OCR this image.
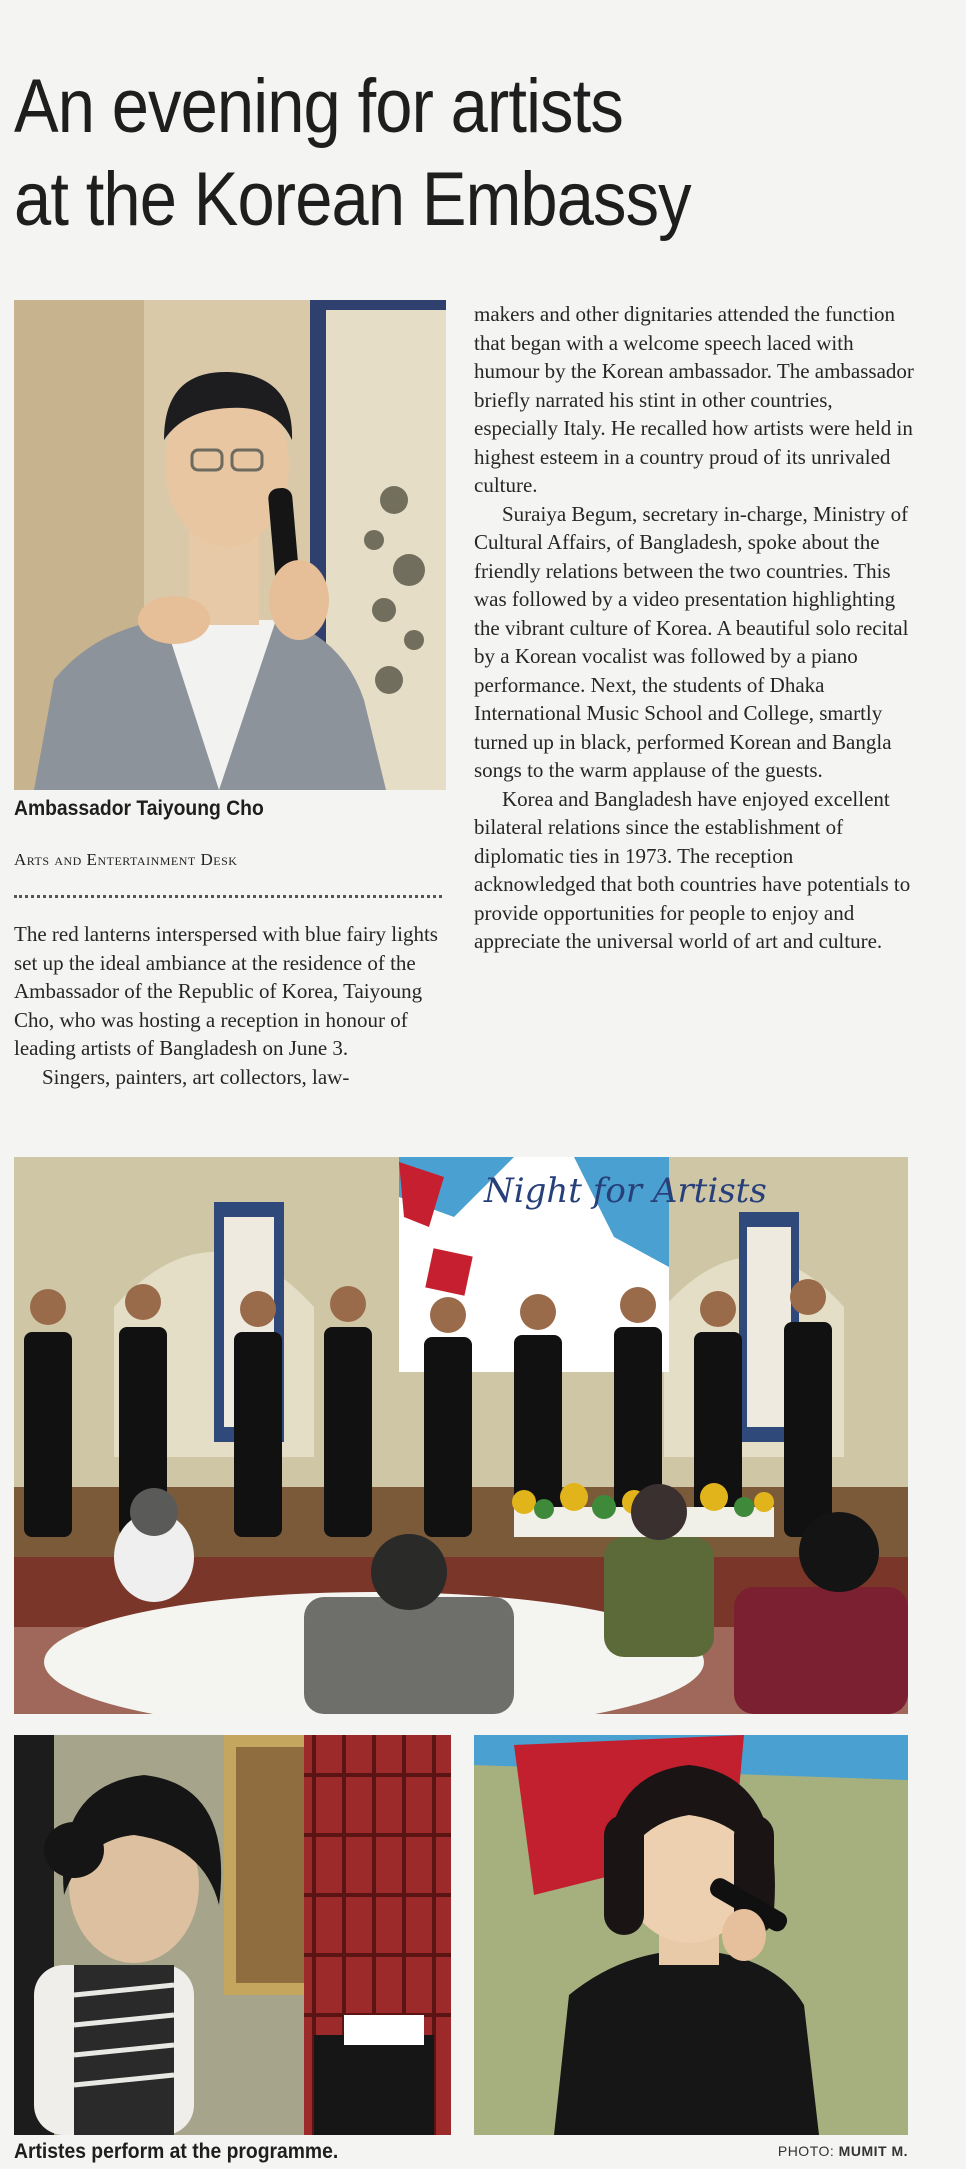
An evening for artists
at the Korean Embassy
Ambassador Taiyoung Cho
Arts and Entertainment Desk

The red lanterns interspersed with blue fairy lights set up the ideal ambiance at the residence of the Ambassador of the Republic of Korea, Taiyoung Cho, who was hosting a reception in honour of leading artists of Bangladesh on June 3.

Singers, painters, art collectors, law-

makers and other dignitaries attended the function that began with a welcome speech laced with humour by the Korean ambassador. The ambassador briefly narrated his stint in other countries, especially Italy. He recalled how artists were held in highest esteem in a country proud of its unrivaled culture.

Suraiya Begum, secretary in-charge, Ministry of Cultural Affairs, of Bangladesh, spoke about the friendly relations between the two countries. This was followed by a video presentation highlighting the vibrant culture of Korea. A beautiful solo recital by a Korean vocalist was followed by a piano performance. Next, the students of Dhaka International Music School and College, smartly turned up in black, performed Korean and Bangla songs to the warm applause of the guests.

Korea and Bangladesh have enjoyed excellent bilateral relations since the establishment of diplomatic ties in 1973. The reception acknowledged that both countries have potentials to provide opportunities for people to enjoy and appreciate the universal world of art and culture.

Night for Artists
Artistes perform at the programme.	PHOTO: MUMIT M.
